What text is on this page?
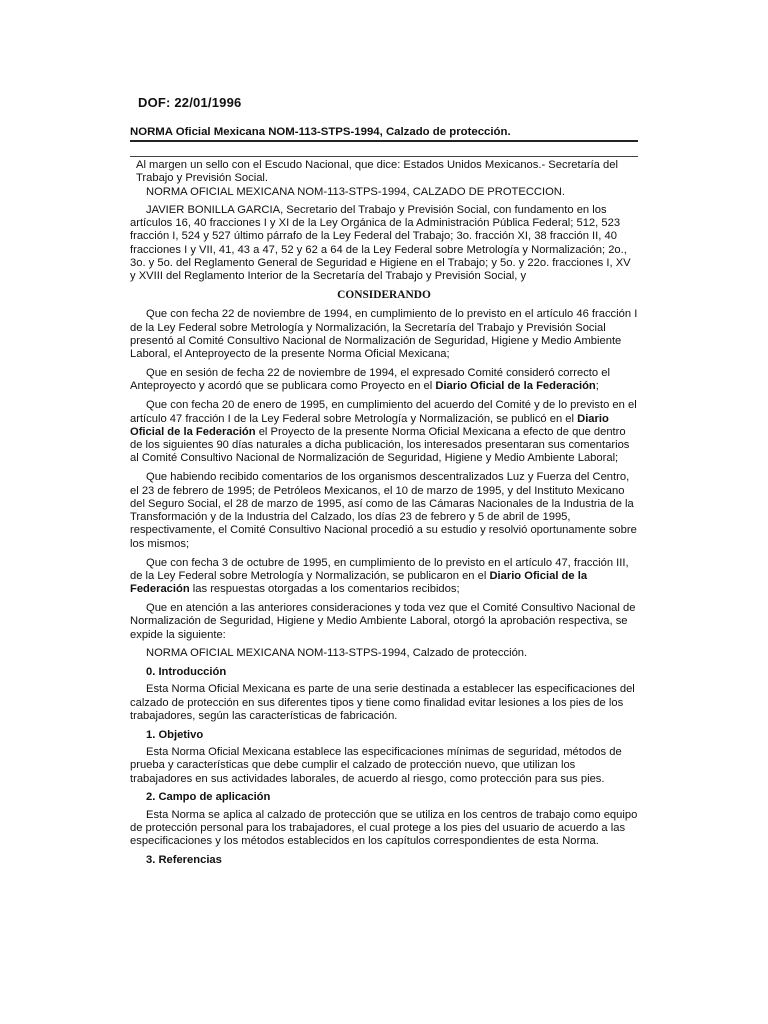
DOF: 22/01/1996
NORMA Oficial Mexicana NOM-113-STPS-1994, Calzado de protección.

Al margen un sello con el Escudo Nacional, que dice: Estados Unidos Mexicanos.- Secretaría del Trabajo y Previsión Social.

NORMA OFICIAL MEXICANA NOM-113-STPS-1994, CALZADO DE PROTECCION.

JAVIER BONILLA GARCIA, Secretario del Trabajo y Previsión Social, con fundamento en los artículos 16, 40 fracciones I y XI de la Ley Orgánica de la Administración Pública Federal; 512, 523 fracción I, 524 y 527 último párrafo de la Ley Federal del Trabajo; 3o. fracción XI, 38 fracción II, 40 fracciones I y VII, 41, 43 a 47, 52 y 62 a 64 de la Ley Federal sobre Metrología y Normalización; 2o., 3o. y 5o. del Reglamento General de Seguridad e Higiene en el Trabajo; y 5o. y 22o. fracciones I, XV y XVIII del Reglamento Interior de la Secretaría del Trabajo y Previsión Social, y

CONSIDERANDO

Que con fecha 22 de noviembre de 1994, en cumplimiento de lo previsto en el artículo 46 fracción I de la Ley Federal sobre Metrología y Normalización, la Secretaría del Trabajo y Previsión Social presentó al Comité Consultivo Nacional de Normalización de Seguridad, Higiene y Medio Ambiente Laboral, el Anteproyecto de la presente Norma Oficial Mexicana;

Que en sesión de fecha 22 de noviembre de 1994, el expresado Comité consideró correcto el Anteproyecto y acordó que se publicara como Proyecto en el Diario Oficial de la Federación;

Que con fecha 20 de enero de 1995, en cumplimiento del acuerdo del Comité y de lo previsto en el artículo 47 fracción I de la Ley Federal sobre Metrología y Normalización, se publicó en el Diario Oficial de la Federación el Proyecto de la presente Norma Oficial Mexicana a efecto de que dentro de los siguientes 90 días naturales a dicha publicación, los interesados presentaran sus comentarios al Comité Consultivo Nacional de Normalización de Seguridad, Higiene y Medio Ambiente Laboral;

Que habiendo recibido comentarios de los organismos descentralizados Luz y Fuerza del Centro, el 23 de febrero de 1995; de Petróleos Mexicanos, el 10 de marzo de 1995, y del Instituto Mexicano del Seguro Social, el 28 de marzo de 1995, así como de las Cámaras Nacionales de la Industria de la Transformación y de la Industria del Calzado, los días 23 de febrero y 5 de abril de 1995, respectivamente, el Comité Consultivo Nacional procedió a su estudio y resolvió oportunamente sobre los mismos;

Que con fecha 3 de octubre de 1995, en cumplimiento de lo previsto en el artículo 47, fracción III, de la Ley Federal sobre Metrología y Normalización, se publicaron en el Diario Oficial de la Federación las respuestas otorgadas a los comentarios recibidos;

Que en atención a las anteriores consideraciones y toda vez que el Comité Consultivo Nacional de Normalización de Seguridad, Higiene y Medio Ambiente Laboral, otorgó la aprobación respectiva, se expide la siguiente:

NORMA OFICIAL MEXICANA NOM-113-STPS-1994, Calzado de protección.

0. Introducción

Esta Norma Oficial Mexicana es parte de una serie destinada a establecer las especificaciones del calzado de protección en sus diferentes tipos y tiene como finalidad evitar lesiones a los pies de los trabajadores, según las características de fabricación.

1. Objetivo

Esta Norma Oficial Mexicana establece las especificaciones mínimas de seguridad, métodos de prueba y características que debe cumplir el calzado de protección nuevo, que utilizan los trabajadores en sus actividades laborales, de acuerdo al riesgo, como protección para sus pies.

2. Campo de aplicación

Esta Norma se aplica al calzado de protección que se utiliza en los centros de trabajo como equipo de protección personal para los trabajadores, el cual protege a los pies del usuario de acuerdo a las especificaciones y los métodos establecidos en los capítulos correspondientes de esta Norma.

3. Referencias
